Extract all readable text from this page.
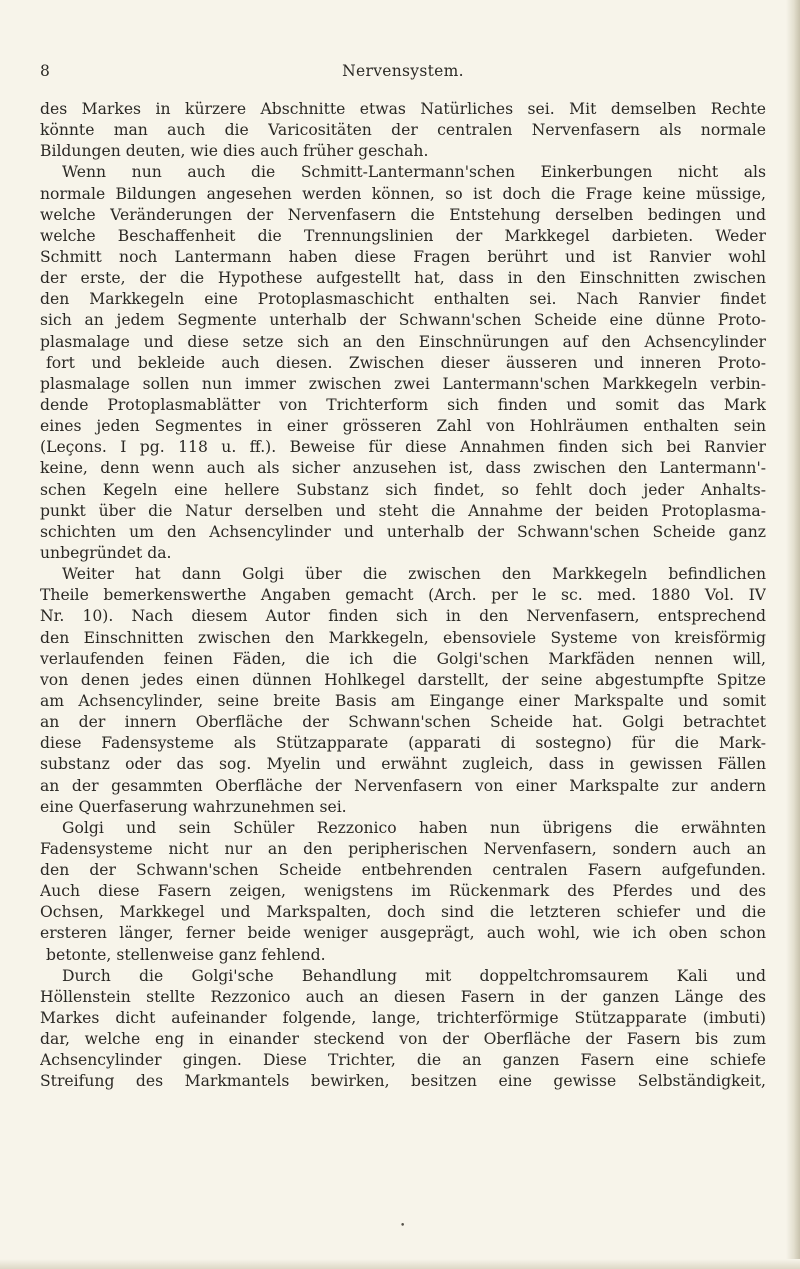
Nervensystem.
8
des Markes in kürzere Abschnitte etwas Natürliches sei. Mit demselben Rechte
könnte man auch die Varicositäten der centralen Nervenfasern als normale
Bildungen deuten, wie dies auch früher geschah.
Wenn nun auch die Schmitt-Lantermann'schen Einkerbungen nicht als
normale Bildungen angesehen werden können, so ist doch die Frage keine müssige,
welche Veränderungen der Nervenfasern die Entstehung derselben bedingen und
welche Beschaffenheit die Trennungslinien der Markkegel darbieten. Weder
Schmitt noch Lantermann haben diese Fragen berührt und ist Ranvier wohl
der erste, der die Hypothese aufgestellt hat, dass in den Einschnitten zwischen
den Markkegeln eine Protoplasmaschicht enthalten sei. Nach Ranvier findet
sich an jedem Segmente unterhalb der Schwann'schen Scheide eine dünne Proto-
plasmalage und diese setze sich an den Einschnürungen auf den Achsencylinder
fort und bekleide auch diesen. Zwischen dieser äusseren und inneren Proto-
plasmalage sollen nun immer zwischen zwei Lantermann'schen Markkegeln verbin-
dende Protoplasmablätter von Trichterform sich finden und somit das Mark
eines jeden Segmentes in einer grösseren Zahl von Hohlräumen enthalten sein
(Leçons. I pg. 118 u. ff.). Beweise für diese Annahmen finden sich bei Ranvier
keine, denn wenn auch als sicher anzusehen ist, dass zwischen den Lantermann'-
schen Kegeln eine hellere Substanz sich findet, so fehlt doch jeder Anhalts-
punkt über die Natur derselben und steht die Annahme der beiden Protoplasma-
schichten um den Achsencylinder und unterhalb der Schwann'schen Scheide ganz
unbegründet da.
Weiter hat dann Golgi über die zwischen den Markkegeln befindlichen
Theile bemerkenswerthe Angaben gemacht (Arch. per le sc. med. 1880 Vol. IV
Nr. 10). Nach diesem Autor finden sich in den Nervenfasern, entsprechend
den Einschnitten zwischen den Markkegeln, ebensoviele Systeme von kreisförmig
verlaufenden feinen Fäden, die ich die Golgi'schen Markfäden nennen will,
von denen jedes einen dünnen Hohlkegel darstellt, der seine abgestumpfte Spitze
am Achsencylinder, seine breite Basis am Eingange einer Markspalte und somit
an der innern Oberfläche der Schwann'schen Scheide hat. Golgi betrachtet
diese Fadensysteme als Stützapparate (apparati di sostegno) für die Mark-
substanz oder das sog. Myelin und erwähnt zugleich, dass in gewissen Fällen
an der gesammten Oberfläche der Nervenfasern von einer Markspalte zur andern
eine Querfaserung wahrzunehmen sei.
Golgi und sein Schüler Rezzonico haben nun übrigens die erwähnten
Fadensysteme nicht nur an den peripherischen Nervenfasern, sondern auch an
den der Schwann'schen Scheide entbehrenden centralen Fasern aufgefunden.
Auch diese Fasern zeigen, wenigstens im Rückenmark des Pferdes und des
Ochsen, Markkegel und Markspalten, doch sind die letzteren schiefer und die
ersteren länger, ferner beide weniger ausgeprägt, auch wohl, wie ich oben schon
betonte, stellenweise ganz fehlend.
Durch die Golgi'sche Behandlung mit doppeltchromsaurem Kali und
Höllenstein stellte Rezzonico auch an diesen Fasern in der ganzen Länge des
Markes dicht aufeinander folgende, lange, trichterförmige Stützapparate (imbuti)
dar, welche eng in einander steckend von der Oberfläche der Fasern bis zum
Achsencylinder gingen. Diese Trichter, die an ganzen Fasern eine schiefe
Streifung des Markmantels bewirken, besitzen eine gewisse Selbständigkeit,
•
